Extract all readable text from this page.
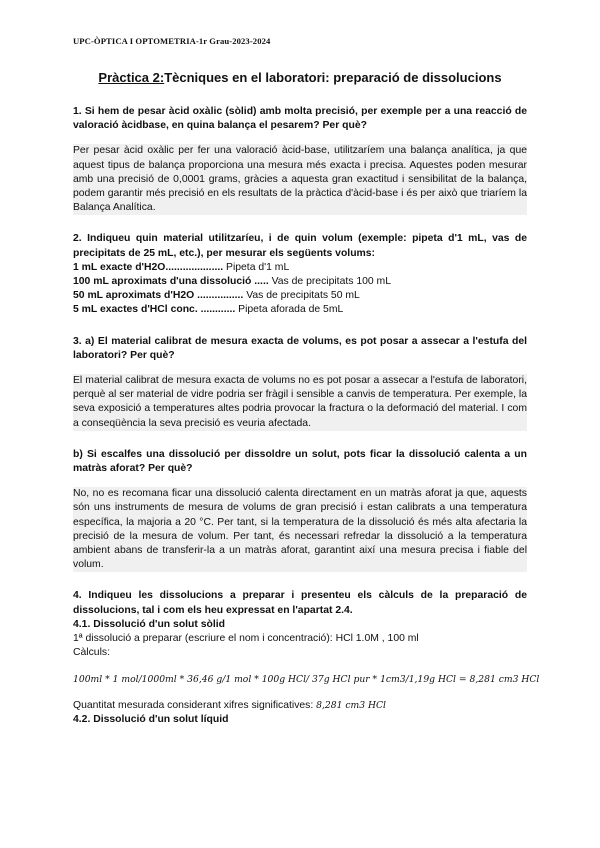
UPC-ÒPTICA I OPTOMETRIA-1r Grau-2023-2024
Pràctica 2:Tècniques en el laboratori: preparació de dissolucions

1. Si hem de pesar àcid oxàlic (sòlid) amb molta precisió, per exemple per a una reacció de valoració àcidbase, en quina balança el pesarem? Per què?

Per pesar àcid oxàlic per fer una valoració àcid-base, utilitzaríem una balança analítica, ja que aquest tipus de balança proporciona una mesura més exacta i precisa. Aquestes poden mesurar amb una precisió de 0,0001 grams, gràcies a aquesta gran exactitud i sensibilitat de la balança, podem garantir més precisió en els resultats de la pràctica d'àcid-base i és per això que triaríem la Balança Analítica.

2. Indiqueu quin material utilitzaríeu, i de quin volum (exemple: pipeta d'1 mL, vas de precipitats de 25 mL, etc.), per mesurar els següents volums:

1 mL exacte d'H2O.................... Pipeta d'1 mL
100 mL aproximats d'una dissolució ..... Vas de precipitats 100 mL
50 mL aproximats d'H2O ................ Vas de precipitats 50 mL
5 mL exactes d'HCl conc. ............ Pipeta aforada de 5mL

3. a) El material calibrat de mesura exacta de volums, es pot posar a assecar a l'estufa del laboratori? Per què?

El material calibrat de mesura exacta de volums no es pot posar a assecar a l'estufa de laboratori, perquè al ser material de vidre podria ser fràgil i sensible a canvis de temperatura. Per exemple, la seva exposició a temperatures altes podria provocar la fractura o la deformació del material. I com a conseqüència la seva precisió es veuria afectada.

b) Si escalfes una dissolució per dissoldre un solut, pots ficar la dissolució calenta a un matràs aforat? Per què?

No, no es recomana ficar una dissolució calenta directament en un matràs aforat ja que, aquests són uns instruments de mesura de volums de gran precisió i estan calibrats a una temperatura específica, la majoria a 20 °C. Per tant, si la temperatura de la dissolució és més alta afectaria la precisió de la mesura de volum. Per tant, és necessari refredar la dissolució a la temperatura ambient abans de transferir-la a un matràs aforat, garantint així una mesura precisa i fiable del volum.

4. Indiqueu les dissolucions a preparar i presenteu els càlculs de la preparació de dissolucions, tal i com els heu expressat en l'apartat 2.4.

4.1. Dissolució d'un solut sòlid
1ª dissolució a preparar (escriure el nom i concentració): HCl 1.0M , 100 ml
Càlculs:
100ml * 1 mol/1000ml * 36,46 g/1 mol * 100g HCl/ 37g HCl pur * 1cm3/1,19g HCl = 8,281 cm3 HCl
Quantitat mesurada considerant xifres significatives: 8,281 cm3 HCl
4.2. Dissolució d'un solut líquid
